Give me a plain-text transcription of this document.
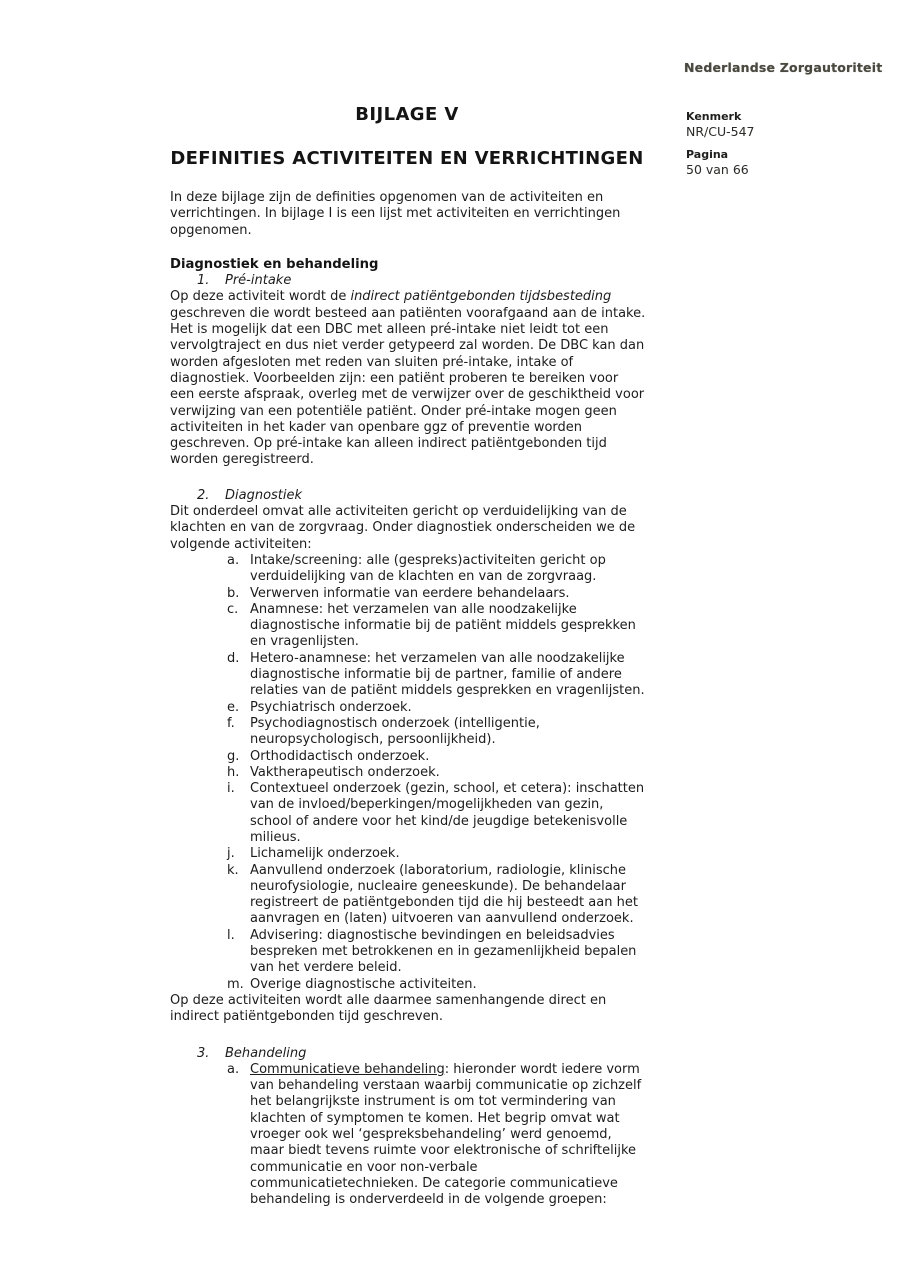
Nederlandse Zorgautoriteit
BIJLAGE V
DEFINITIES ACTIVITEITEN EN VERRICHTINGEN
Kenmerk
NR/CU-547
Pagina
50 van 66

In deze bijlage zijn de definities opgenomen van de activiteiten en verrichtingen. In bijlage I is een lijst met activiteiten en verrichtingen opgenomen.

Diagnostiek en behandeling
1. Pré-intake

Op deze activiteit wordt de indirect patiëntgebonden tijdsbesteding geschreven die wordt besteed aan patiënten voorafgaand aan de intake. Het is mogelijk dat een DBC met alleen pré-intake niet leidt tot een vervolgtraject en dus niet verder getypeerd zal worden. De DBC kan dan worden afgesloten met reden van sluiten pré-intake, intake of diagnostiek. Voorbeelden zijn: een patiënt proberen te bereiken voor een eerste afspraak, overleg met de verwijzer over de geschiktheid voor verwijzing van een potentiële patiënt. Onder pré-intake mogen geen activiteiten in het kader van openbare ggz of preventie worden geschreven. Op pré-intake kan alleen indirect patiëntgebonden tijd worden geregistreerd.

2. Diagnostiek

Dit onderdeel omvat alle activiteiten gericht op verduidelijking van de klachten en van de zorgvraag. Onder diagnostiek onderscheiden we de volgende activiteiten:

a. Intake/screening: alle (gespreks)activiteiten gericht op verduidelijking van de klachten en van de zorgvraag.
b. Verwerven informatie van eerdere behandelaars.
c. Anamnese: het verzamelen van alle noodzakelijke diagnostische informatie bij de patiënt middels gesprekken en vragenlijsten.
d. Hetero-anamnese: het verzamelen van alle noodzakelijke diagnostische informatie bij de partner, familie of andere relaties van de patiënt middels gesprekken en vragenlijsten.
e. Psychiatrisch onderzoek.
f. Psychodiagnostisch onderzoek (intelligentie, neuropsychologisch, persoonlijkheid).
g. Orthodidactisch onderzoek.
h. Vaktherapeutisch onderzoek.
i. Contextueel onderzoek (gezin, school, et cetera): inschatten van de invloed/beperkingen/mogelijkheden van gezin, school of andere voor het kind/de jeugdige betekenisvolle milieus.
j. Lichamelijk onderzoek.
k. Aanvullend onderzoek (laboratorium, radiologie, klinische neurofysiologie, nucleaire geneeskunde). De behandelaar registreert de patiëntgebonden tijd die hij besteedt aan het aanvragen en (laten) uitvoeren van aanvullend onderzoek.
l. Advisering: diagnostische bevindingen en beleidsadvies bespreken met betrokkenen en in gezamenlijkheid bepalen van het verdere beleid.
m. Overige diagnostische activiteiten.

Op deze activiteiten wordt alle daarmee samenhangende direct en indirect patiëntgebonden tijd geschreven.

3. Behandeling
a. Communicatieve behandeling: hieronder wordt iedere vorm van behandeling verstaan waarbij communicatie op zichzelf het belangrijkste instrument is om tot vermindering van klachten of symptomen te komen. Het begrip omvat wat vroeger ook wel ‘gespreksbehandeling’ werd genoemd, maar biedt tevens ruimte voor elektronische of schriftelijke communicatie en voor non-verbale communicatietechnieken. De categorie communicatieve behandeling is onderverdeeld in de volgende groepen:
